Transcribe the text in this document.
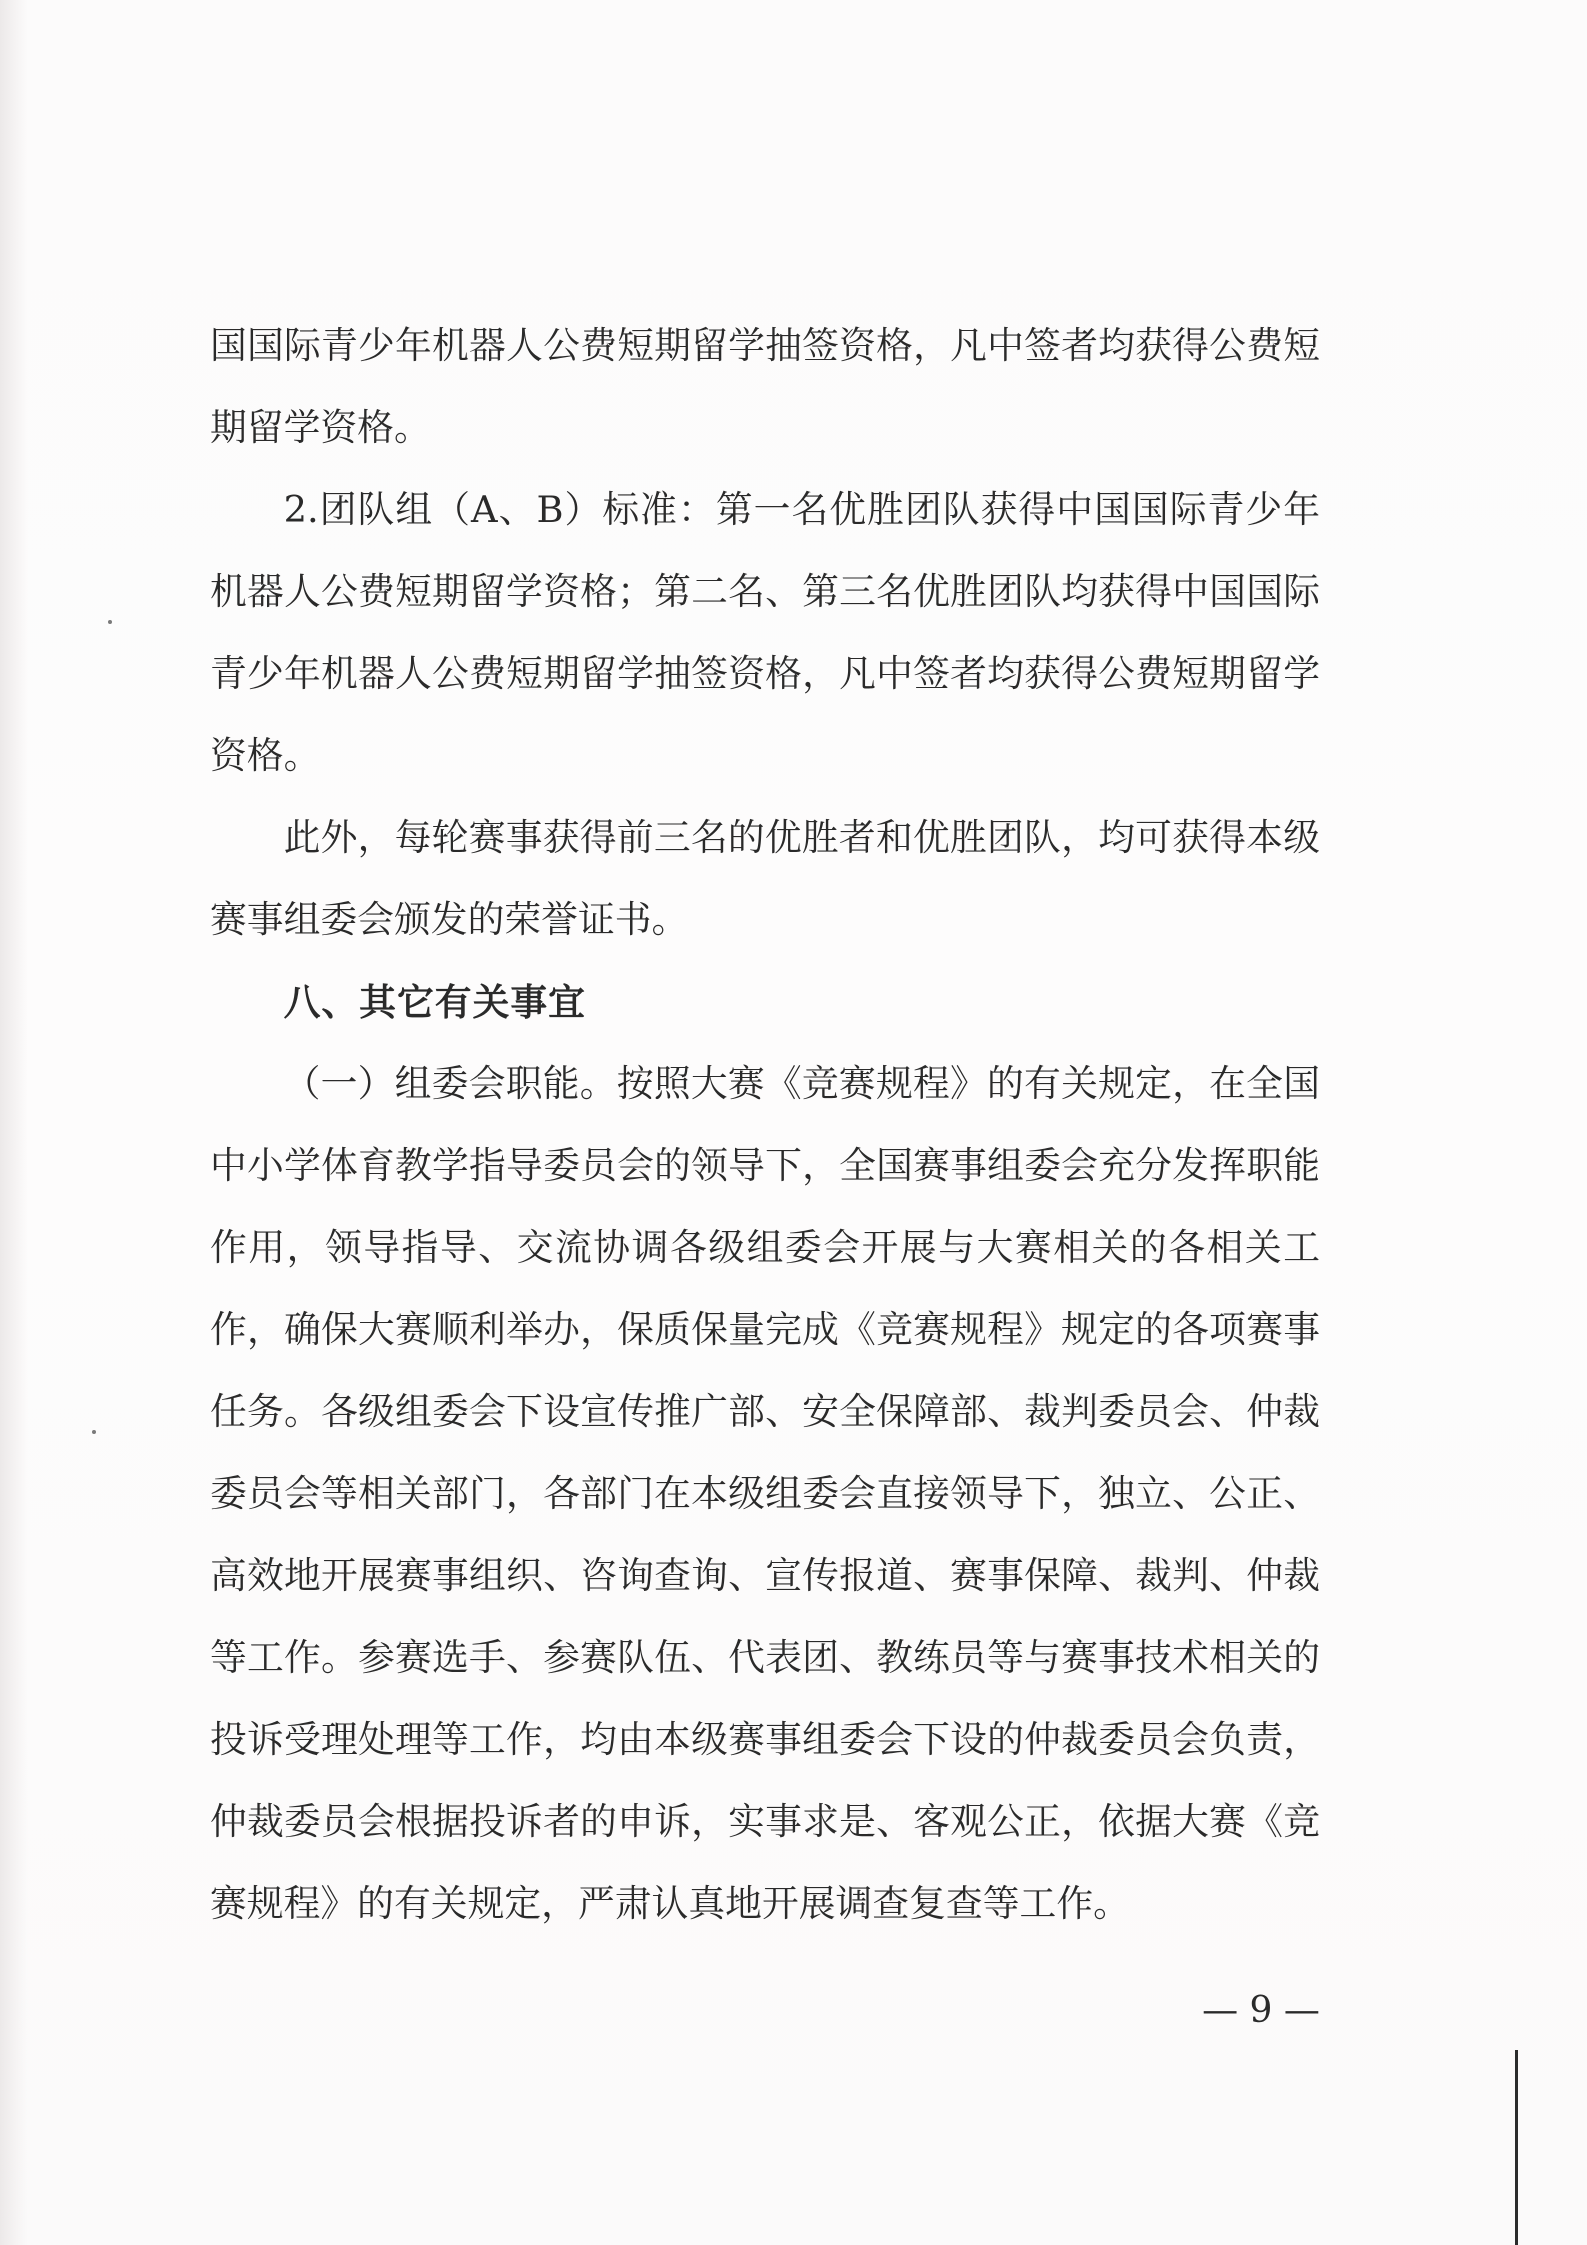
国国际青少年机器人公费短期留学抽签资格，凡中签者均获得公费短期留学资格。

2.团队组（A、B）标准：第一名优胜团队获得中国国际青少年机器人公费短期留学资格；第二名、第三名优胜团队均获得中国国际青少年机器人公费短期留学抽签资格，凡中签者均获得公费短期留学资格。

此外，每轮赛事获得前三名的优胜者和优胜团队，均可获得本级赛事组委会颁发的荣誉证书。

八、其它有关事宜

（一）组委会职能。按照大赛《竞赛规程》的有关规定，在全国中小学体育教学指导委员会的领导下，全国赛事组委会充分发挥职能作用，领导指导、交流协调各级组委会开展与大赛相关的各相关工作，确保大赛顺利举办，保质保量完成《竞赛规程》规定的各项赛事任务。各级组委会下设宣传推广部、安全保障部、裁判委员会、仲裁委员会等相关部门，各部门在本级组委会直接领导下，独立、公正、高效地开展赛事组织、咨询查询、宣传报道、赛事保障、裁判、仲裁等工作。参赛选手、参赛队伍、代表团、教练员等与赛事技术相关的投诉受理处理等工作，均由本级赛事组委会下设的仲裁委员会负责，仲裁委员会根据投诉者的申诉，实事求是、客观公正，依据大赛《竞赛规程》的有关规定，严肃认真地开展调查复查等工作。

— 9 —
